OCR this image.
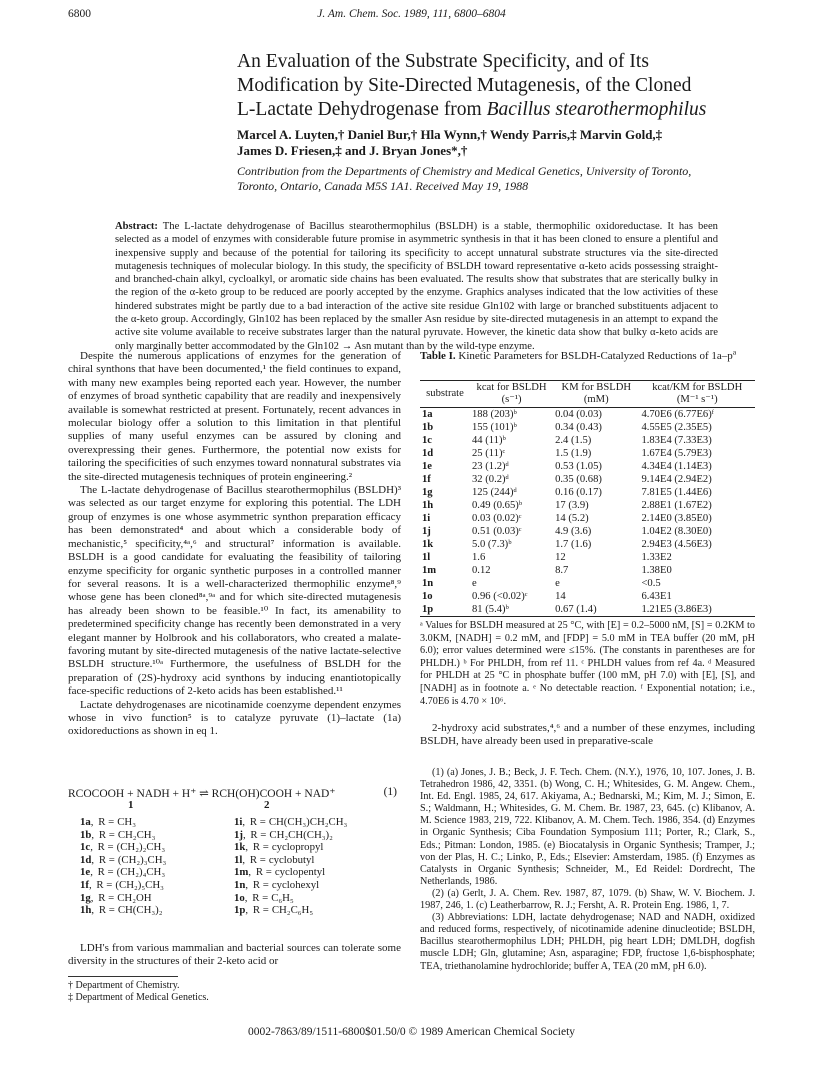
6800	J. Am. Chem. Soc. 1989, 111, 6800–6804
An Evaluation of the Substrate Specificity, and of Its
Modification by Site-Directed Mutagenesis, of the Cloned
L-Lactate Dehydrogenase from Bacillus stearothermophilus
Marcel A. Luyten,† Daniel Bur,† Hla Wynn,† Wendy Parris,‡ Marvin Gold,‡
James D. Friesen,‡ and J. Bryan Jones*,†
Contribution from the Departments of Chemistry and Medical Genetics, University of Toronto,
Toronto, Ontario, Canada M5S 1A1. Received May 19, 1988
Abstract: The L-lactate dehydrogenase of Bacillus stearothermophilus (BSLDH) is a stable, thermophilic oxidoreductase. It has been selected as a model of enzymes with considerable future promise in asymmetric synthesis in that it has been cloned to ensure a plentiful and inexpensive supply and because of the potential for tailoring its specificity to accept unnatural substrate structures via the site-directed mutagenesis techniques of molecular biology. In this study, the specificity of BSLDH toward representative α-keto acids possessing straight- and branched-chain alkyl, cycloalkyl, or aromatic side chains has been evaluated. The results show that substrates that are sterically bulky in the region of the α-keto group to be reduced are poorly accepted by the enzyme. Graphics analyses indicated that the low activities of these hindered substrates might be partly due to a bad interaction of the active site residue Gln102 with large or branched substituents adjacent to the α-keto group. Accordingly, Gln102 has been replaced by the smaller Asn residue by site-directed mutagenesis in an attempt to expand the active site volume available to receive substrates larger than the natural pyruvate. However, the kinetic data show that bulky α-keto acids are only marginally better accommodated by the Gln102 → Asn mutant than by the wild-type enzyme.

Despite the numerous applications of enzymes for the generation of chiral synthons that have been documented,¹ the field continues to expand, with many new examples being reported each year. However, the number of enzymes of broad synthetic capability that are readily and inexpensively available is somewhat restricted at present. Fortunately, recent advances in molecular biology offer a solution to this limitation in that plentiful supplies of many useful enzymes can be assured by cloning and overexpressing their genes. Furthermore, the potential now exists for tailoring the specificities of such enzymes toward nonnatural substrates via the site-directed mutagenesis techniques of protein engineering.²

The L-lactate dehydrogenase of Bacillus stearothermophilus (BSLDH)³ was selected as our target enzyme for exploring this potential. The LDH group of enzymes is one whose asymmetric synthon preparation efficacy has been demonstrated⁴ and about which a considerable body of mechanistic,⁵ specificity,⁴ᵃ,⁶ and structural⁷ information is available. BSLDH is a good candidate for evaluating the feasibility of tailoring enzyme specificity for organic synthetic purposes in a controlled manner for several reasons. It is a well-characterized thermophilic enzyme⁸,⁹ whose gene has been cloned⁸ᵃ,⁹ᵃ and for which site-directed mutagenesis has already been shown to be feasible.¹⁰ In fact, its amenability to predetermined specificity change has recently been demonstrated in a very elegant manner by Holbrook and his collaborators, who created a malate-favoring mutant by site-directed mutagenesis of the native lactate-selective BSLDH structure.¹⁰ᵃ Furthermore, the usefulness of BSLDH for the preparation of (2S)-hydroxy acid synthons by inducing enantiotopically face-specific reductions of 2-keto acids has been established.¹¹

Lactate dehydrogenases are nicotinamide coenzyme dependent enzymes whose in vivo function⁵ is to catalyze pyruvate (1)–lactate (1a) oxidoreductions as shown in eq 1.

RCOCOOH + NADH + H⁺ ⇌ RCH(OH)COOH + NAD⁺	(1)
1	2
1a, R = CH₃
1b, R = CH₂CH₃
1c, R = (CH₂)₂CH₃
1d, R = (CH₂)₃CH₃
1e, R = (CH₂)₄CH₃
1f, R = (CH₂)₅CH₃
1g, R = CH₂OH
1h, R = CH(CH₃)₂
1i, R = CH(CH₃)CH₂CH₃
1j, R = CH₂CH(CH₃)₂
1k, R = cyclopropyl
1l, R = cyclobutyl
1m, R = cyclopentyl
1n, R = cyclohexyl
1o, R = C₆H₅
1p, R = CH₂C₆H₅

LDH's from various mammalian and bacterial sources can tolerate some diversity in the structures of their 2-keto acid or

† Department of Chemistry.
‡ Department of Medical Genetics.
Table I. Kinetic Parameters for BSLDH-Catalyzed Reductions of $1a-p^a$
substrate	kcat for BSLDH (s⁻¹)	KM for BSLDH (mM)	kcat/KM for BSLDH (M⁻¹ s⁻¹)
1a	188 (203)ᵇ	0.04 (0.03)	4.70E6 (6.77E6)ᶠ
1b	155 (101)ᵇ	0.34 (0.43)	4.55E5 (2.35E5)
1c	44 (11)ᵇ	2.4 (1.5)	1.83E4 (7.33E3)
1d	25 (11)ᶜ	1.5 (1.9)	1.67E4 (5.79E3)
1e	23 (1.2)ᵈ	0.53 (1.05)	4.34E4 (1.14E3)
1f	32 (0.2)ᵈ	0.35 (0.68)	9.14E4 (2.94E2)
1g	125 (244)ᵈ	0.16 (0.17)	7.81E5 (1.44E6)
1h	0.49 (0.65)ᵇ	17 (3.9)	2.88E1 (1.67E2)
1i	0.03 (0.02)ᶜ	14 (5.2)	2.14E0 (3.85E0)
1j	0.51 (0.03)ᶜ	4.9 (3.6)	1.04E2 (8.30E0)
1k	5.0 (7.3)ᵇ	1.7 (1.6)	2.94E3 (4.56E3)
1l	1.6	12	1.33E2
1m	0.12	8.7	1.38E0
1n	e	e	<0.5
1o	0.96 (<0.02)ᶜ	14	6.43E1
1p	81 (5.4)ᵇ	0.67 (1.4)	1.21E5 (3.86E3)
ᵃ Values for BSLDH measured at 25 °C, with [E] = 0.2–5000 nM, [S] = 0.2KM to 3.0KM, [NADH] = 0.2 mM, and [FDP] = 5.0 mM in TEA buffer (20 mM, pH 6.0); error values determined were ≤15%. (The constants in parentheses are for PHLDH.) ᵇ For PHLDH, from ref 11. ᶜ PHLDH values from ref 4a. ᵈ Measured for PHLDH at 25 °C in phosphate buffer (100 mM, pH 7.0) with [E], [S], and [NADH] as in footnote a. ᵉ No detectable reaction. ᶠ Exponential notation; i.e., 4.70E6 is 4.70 × 10⁶.

2-hydroxy acid substrates,⁴,⁶ and a number of these enzymes, including BSLDH, have already been used in preparative-scale

(1) (a) Jones, J. B.; Beck, J. F. Tech. Chem. (N.Y.), 1976, 10, 107. Jones, J. B. Tetrahedron 1986, 42, 3351. (b) Wong, C. H.; Whitesides, G. M. Angew. Chem., Int. Ed. Engl. 1985, 24, 617. Akiyama, A.; Bednarski, M.; Kim, M. J.; Simon, E. S.; Waldmann, H.; Whitesides, G. M. Chem. Br. 1987, 23, 645. (c) Klibanov, A. M. Science 1983, 219, 722. Klibanov, A. M. Chem. Tech. 1986, 354. (d) Enzymes in Organic Synthesis; Ciba Foundation Symposium 111; Porter, R.; Clark, S., Eds.; Pitman: London, 1985. (e) Biocatalysis in Organic Synthesis; Tramper, J.; von der Plas, H. C.; Linko, P., Eds.; Elsevier: Amsterdam, 1985. (f) Enzymes as Catalysts in Organic Synthesis; Schneider, M., Ed Reidel: Dordrecht, The Netherlands, 1986.

(2) (a) Gerlt, J. A. Chem. Rev. 1987, 87, 1079. (b) Shaw, W. V. Biochem. J. 1987, 246, 1. (c) Leatherbarrow, R. J.; Fersht, A. R. Protein Eng. 1986, 1, 7.

(3) Abbreviations: LDH, lactate dehydrogenase; NAD and NADH, oxidized and reduced forms, respectively, of nicotinamide adenine dinucleotide; BSLDH, Bacillus stearothermophilus LDH; PHLDH, pig heart LDH; DMLDH, dogfish muscle LDH; Gln, glutamine; Asn, asparagine; FDP, fructose 1,6-bisphosphate; TEA, triethanolamine hydrochloride; buffer A, TEA (20 mM, pH 6.0).

0002-7863/89/1511-6800$01.50/0 © 1989 American Chemical Society
